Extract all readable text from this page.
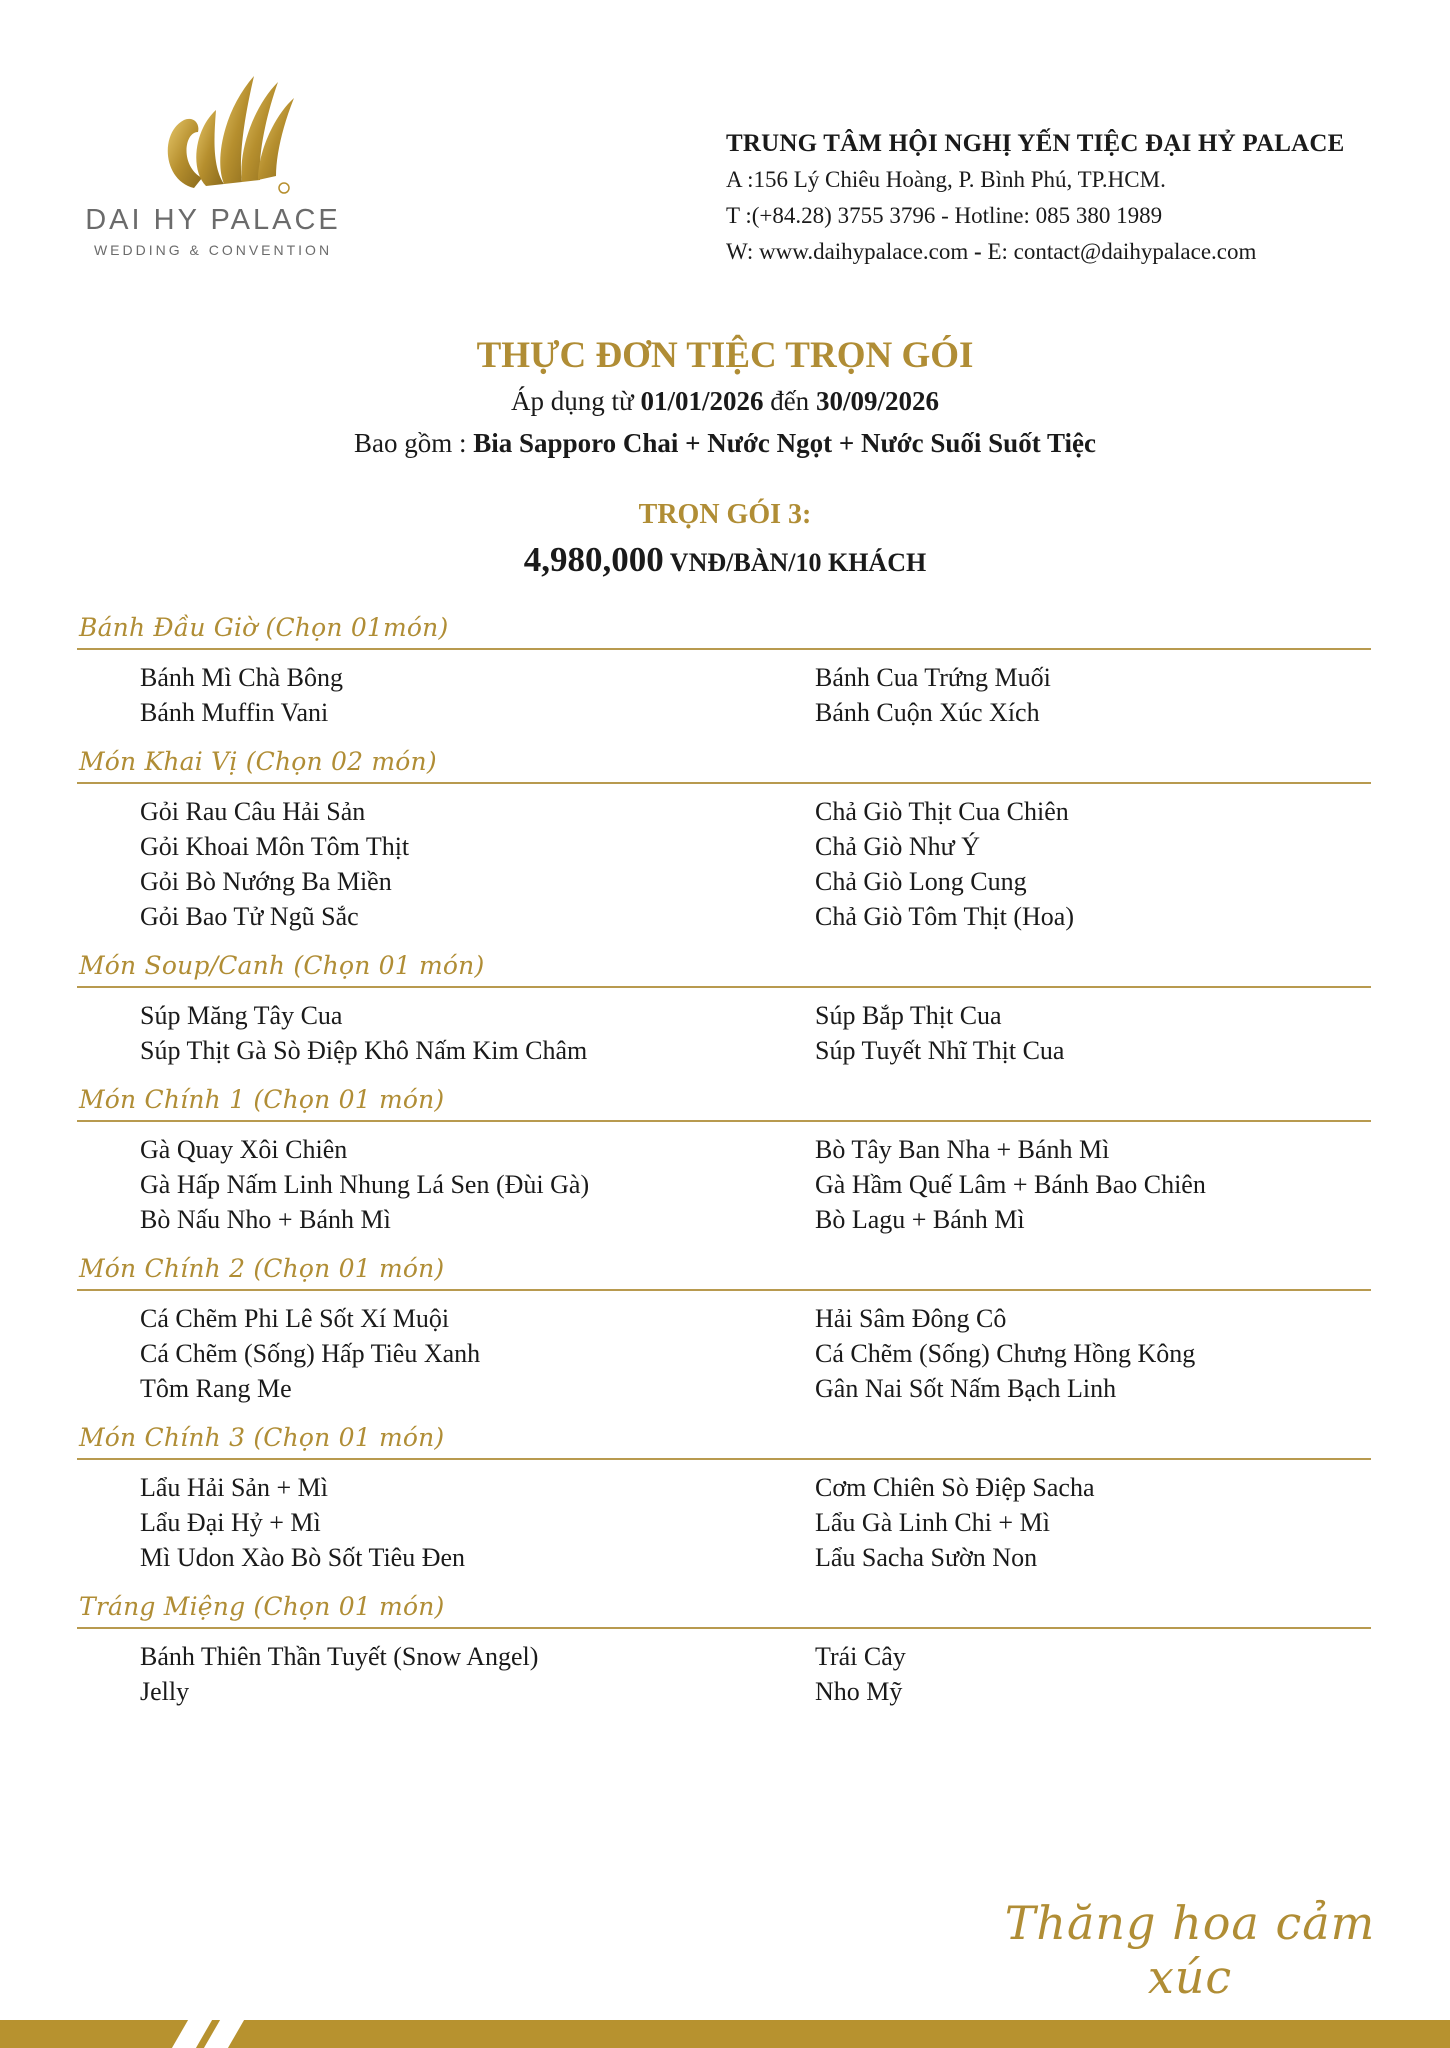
DAI HY PALACE
WEDDING & CONVENTION
TRUNG TÂM HỘI NGHỊ YẾN TIỆC ĐẠI HỶ PALACE
A :156 Lý Chiêu Hoàng, P. Bình Phú, TP.HCM.
T :(+84.28) 3755 3796 - Hotline: 085 380 1989
W: www.daihypalace.com - E: contact@daihypalace.com
THỰC ĐƠN TIỆC TRỌN GÓI
Áp dụng từ 01/01/2026 đến 30/09/2026
Bao gồm : Bia Sapporo Chai + Nước Ngọt + Nước Suối Suốt Tiệc
TRỌN GÓI 3:
4,980,000 VNĐ/BÀN/10 KHÁCH
Bánh Đầu Giờ (Chọn 01món)
Bánh Mì Chà Bông
Bánh Muffin Vani
Bánh Cua Trứng Muối
Bánh Cuộn Xúc Xích
Món Khai Vị (Chọn 02 món)
Gỏi Rau Câu Hải Sản
Gỏi Khoai Môn Tôm Thịt
Gỏi Bò Nướng Ba Miền
Gỏi Bao Tử Ngũ Sắc
Chả Giò Thịt Cua Chiên
Chả Giò Như Ý
Chả Giò Long Cung
Chả Giò Tôm Thịt (Hoa)
Món Soup/Canh (Chọn 01 món)
Súp Măng Tây Cua
Súp Thịt Gà Sò Điệp Khô Nấm Kim Châm
Súp Bắp Thịt Cua
Súp Tuyết Nhĩ Thịt Cua
Món Chính 1 (Chọn 01 món)
Gà Quay Xôi Chiên
Gà Hấp Nấm Linh Nhung Lá Sen (Đùi Gà)
Bò Nấu Nho + Bánh Mì
Bò Tây Ban Nha + Bánh Mì
Gà Hầm Quế Lâm + Bánh Bao Chiên
Bò Lagu + Bánh Mì
Món Chính 2 (Chọn 01 món)
Cá Chẽm Phi Lê Sốt Xí Muội
Cá Chẽm (Sống) Hấp Tiêu Xanh
Tôm Rang Me
Hải Sâm Đông Cô
Cá Chẽm (Sống) Chưng Hồng Kông
Gân Nai Sốt Nấm Bạch Linh
Món Chính 3 (Chọn 01 món)
Lẩu Hải Sản + Mì
Lẩu Đại Hỷ + Mì
Mì Udon Xào Bò Sốt Tiêu Đen
Cơm Chiên Sò Điệp Sacha
Lẩu Gà Linh Chi + Mì
Lẩu Sacha Sườn Non
Tráng Miệng (Chọn 01 món)
Bánh Thiên Thần Tuyết (Snow Angel)
Jelly
Trái Cây
Nho Mỹ
Thăng hoa cảm xúc
